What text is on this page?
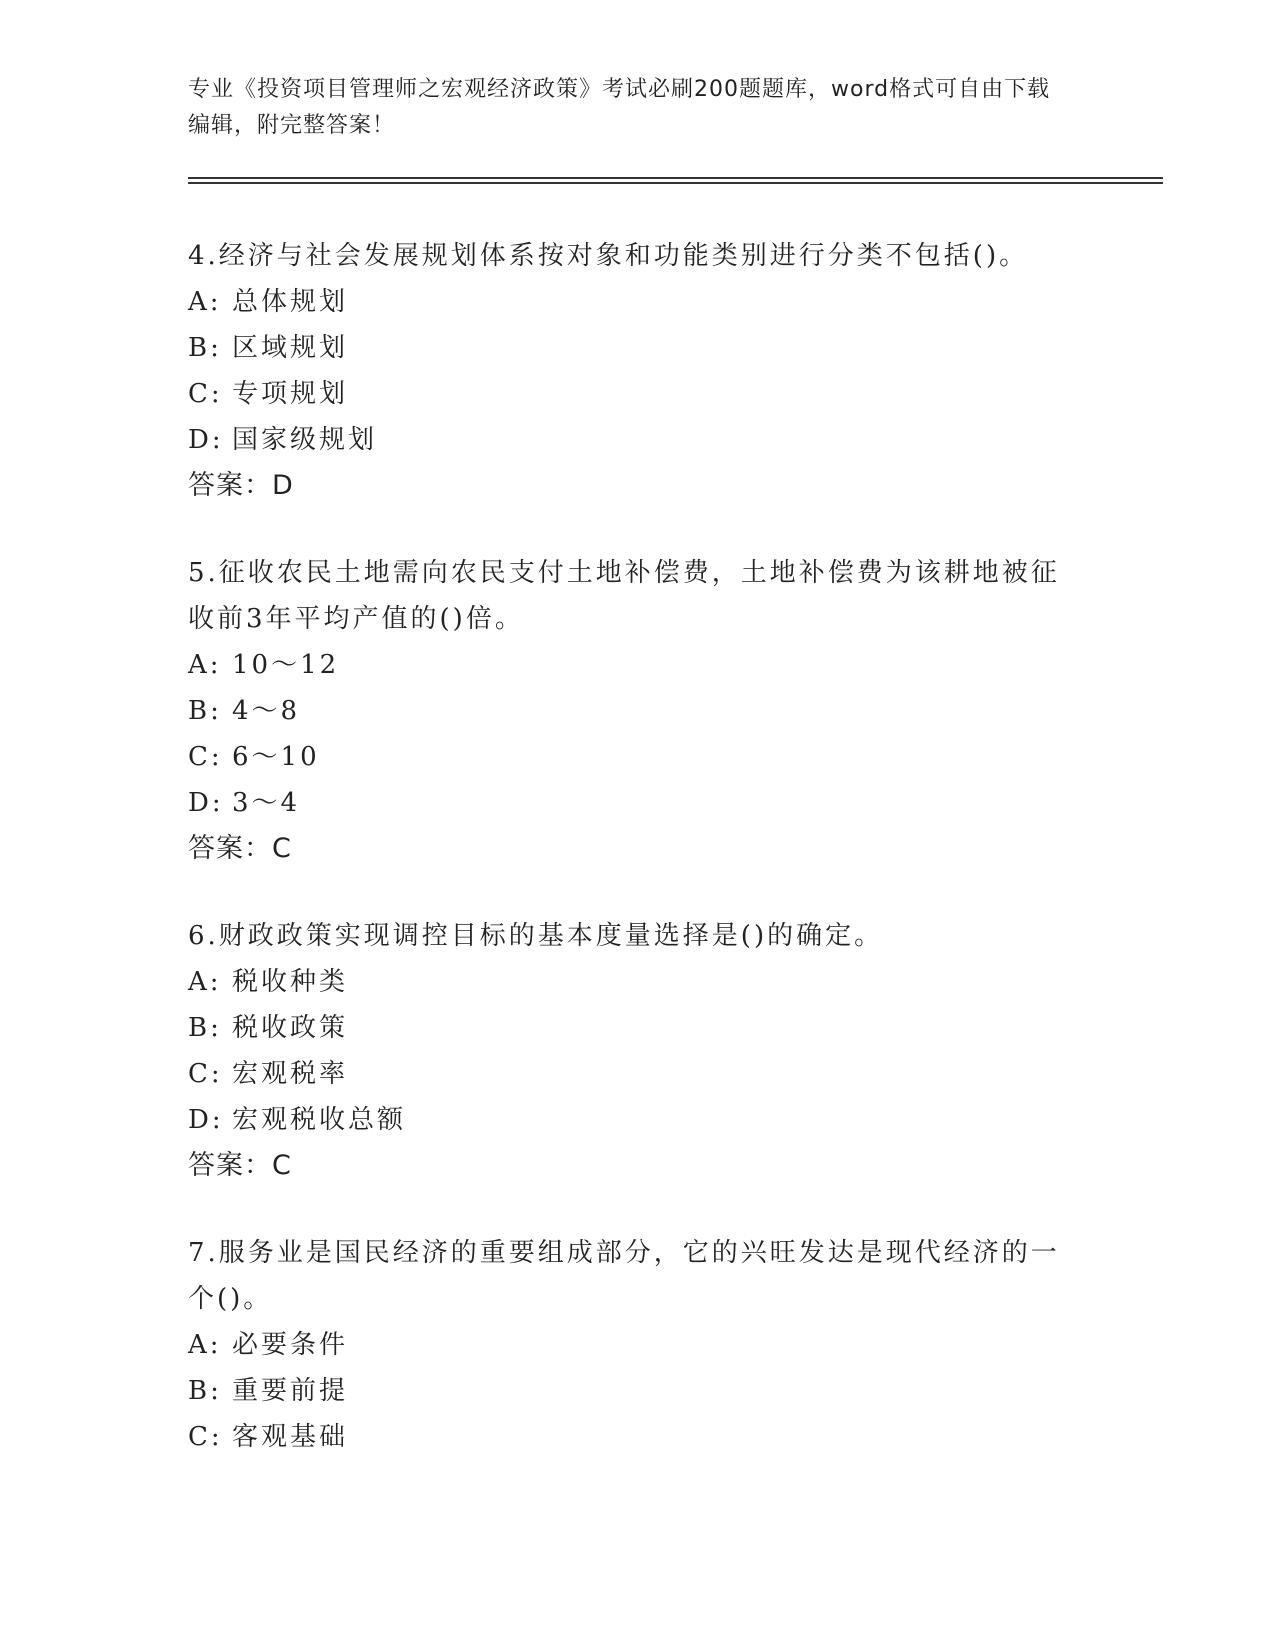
专业《投资项目管理师之宏观经济政策》考试必刷200题题库，word格式可自由下载编辑，附完整答案！
4.经济与社会发展规划体系按对象和功能类别进行分类不包括()。
A: 总体规划
B: 区域规划
C: 专项规划
D: 国家级规划
答案：D
5.征收农民土地需向农民支付土地补偿费，土地补偿费为该耕地被征收前3年平均产值的()倍。
A: 10～12
B: 4～8
C: 6～10
D: 3～4
答案：C
6.财政政策实现调控目标的基本度量选择是()的确定。
A: 税收种类
B: 税收政策
C: 宏观税率
D: 宏观税收总额
答案：C
7.服务业是国民经济的重要组成部分，它的兴旺发达是现代经济的一个()。
A: 必要条件
B: 重要前提
C: 客观基础
